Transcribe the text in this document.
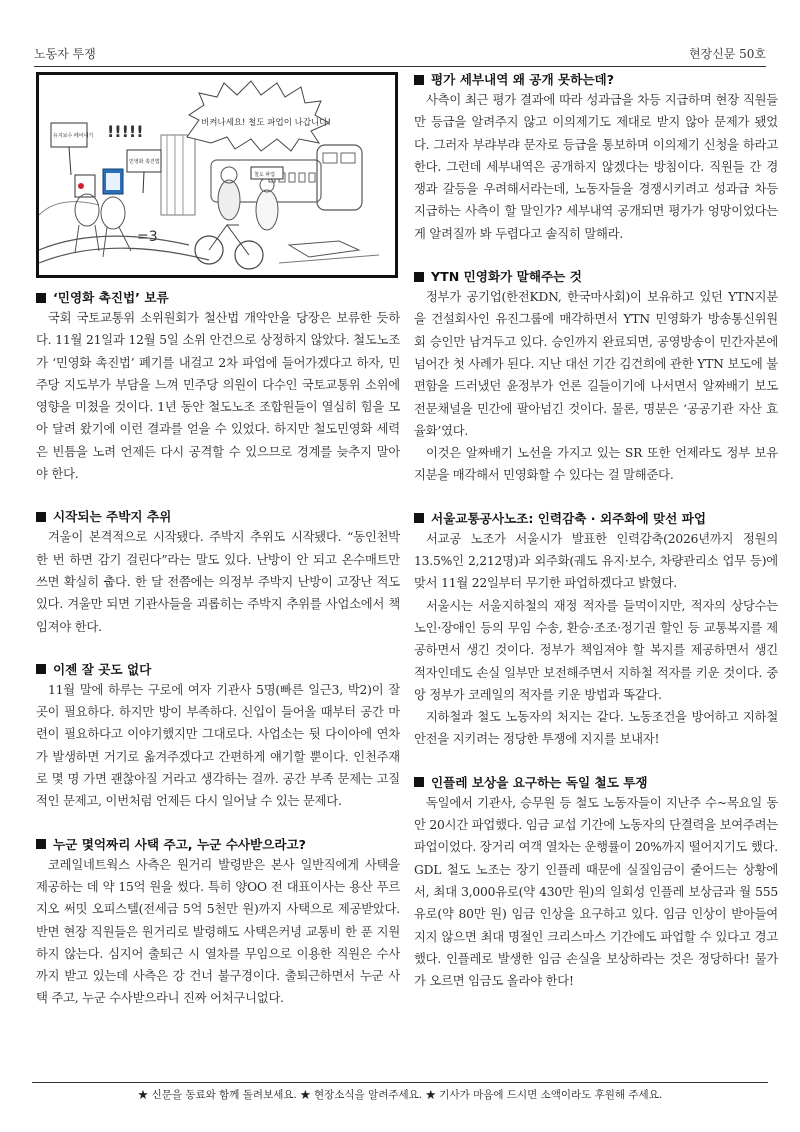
노동자 투쟁	현장신문 50호
비켜나세요! 철도 파업이 나갑니다!
!!!!!
유지보수 떼어내기
민영화 촉진법
=3
철도 파업
‘민영화 촉진법’ 보류

국회 국토교통위 소위원회가 철산법 개악안을 당장은 보류한 듯하다. 11월 21일과 12월 5일 소위 안건으로 상정하지 않았다. 철도노조가 ‘민영화 촉진법’ 폐기를 내걸고 2차 파업에 들어가겠다고 하자, 민주당 지도부가 부담을 느껴 민주당 의원이 다수인 국토교통위 소위에 영향을 미쳤을 것이다. 1년 동안 철도노조 조합원들이 열심히 힘을 모아 달려 왔기에 이런 결과를 얻을 수 있었다. 하지만 철도민영화 세력은 빈틈을 노려 언제든 다시 공격할 수 있으므로 경계를 늦추지 말아야 한다.

시작되는 주박지 추위

겨울이 본격적으로 시작됐다. 주박지 추위도 시작됐다. “동인천박 한 번 하면 감기 걸린다”라는 말도 있다. 난방이 안 되고 온수매트만 쓰면 확실히 춥다. 한 달 전쯤에는 의정부 주박지 난방이 고장난 적도 있다. 겨울만 되면 기관사들을 괴롭히는 주박지 추위를 사업소에서 책임져야 한다.

이젠 잘 곳도 없다

11월 말에 하루는 구로에 여자 기관사 5명(빠른 일근3, 박2)이 잘 곳이 필요하다. 하지만 방이 부족하다. 신입이 들어올 때부터 공간 마련이 필요하다고 이야기했지만 그대로다. 사업소는 뒷 다이아에 연차가 발생하면 거기로 옮겨주겠다고 간편하게 얘기할 뿐이다. 인천주재로 몇 명 가면 괜찮아질 거라고 생각하는 걸까. 공간 부족 문제는 고질적인 문제고, 이번처럼 언제든 다시 일어날 수 있는 문제다.

누군 몇억짜리 사택 주고, 누군 수사받으라고?

코레일네트웍스 사측은 원거리 발령받은 본사 일반직에게 사택을 제공하는 데 약 15억 원을 썼다. 특히 양OO 전 대표이사는 용산 푸르지오 써밋 오피스텔(전세금 5억 5천만 원)까지 사택으로 제공받았다. 반면 현장 직원들은 원거리로 발령해도 사택은커녕 교통비 한 푼 지원하지 않는다. 심지어 출퇴근 시 열차를 무임으로 이용한 직원은 수사까지 받고 있는데 사측은 강 건너 불구경이다. 출퇴근하면서 누군 사택 주고, 누군 수사받으라니 진짜 어처구니없다.

평가 세부내역 왜 공개 못하는데?

사측이 최근 평가 결과에 따라 성과급을 차등 지급하며 현장 직원들만 등급을 알려주지 않고 이의제기도 제대로 받지 않아 문제가 됐었다. 그러자 부랴부랴 문자로 등급을 통보하며 이의제기 신청을 하라고 한다. 그런데 세부내역은 공개하지 않겠다는 방침이다. 직원들 간 경쟁과 갈등을 우려해서라는데, 노동자들을 경쟁시키려고 성과급 차등 지급하는 사측이 할 말인가? 세부내역 공개되면 평가가 엉망이었다는 게 알려질까 봐 두렵다고 솔직히 말해라.

YTN 민영화가 말해주는 것

정부가 공기업(한전KDN, 한국마사회)이 보유하고 있던 YTN지분을 건설회사인 유진그룹에 매각하면서 YTN 민영화가 방송통신위원회 승인만 남겨두고 있다. 승인까지 완료되면, 공영방송이 민간자본에 넘어간 첫 사례가 된다. 지난 대선 기간 김건희에 관한 YTN 보도에 불편함을 드러냈던 윤정부가 언론 길들이기에 나서면서 알짜배기 보도전문채널을 민간에 팔아넘긴 것이다. 물론, 명분은 ‘공공기관 자산 효율화’였다.

이것은 알짜배기 노선을 가지고 있는 SR 또한 언제라도 정부 보유 지분을 매각해서 민영화할 수 있다는 걸 말해준다.

서울교통공사노조: 인력감축 · 외주화에 맞선 파업

서교공 노조가 서울시가 발표한 인력감축(2026년까지 정원의 13.5%인 2,212명)과 외주화(궤도 유지·보수, 차량관리소 업무 등)에 맞서 11월 22일부터 무기한 파업하겠다고 밝혔다.

서울시는 서울지하철의 재정 적자를 들먹이지만, 적자의 상당수는 노인·장애인 등의 무임 수송, 환승·조조·정기권 할인 등 교통복지를 제공하면서 생긴 것이다. 정부가 책임져야 할 복지를 제공하면서 생긴 적자인데도 손실 일부만 보전해주면서 지하철 적자를 키운 것이다. 중앙 정부가 코레일의 적자를 키운 방법과 똑같다.

지하철과 철도 노동자의 처지는 같다. 노동조건을 방어하고 지하철 안전을 지키려는 정당한 투쟁에 지지를 보내자!

인플레 보상을 요구하는 독일 철도 투쟁

독일에서 기관사, 승무원 등 철도 노동자들이 지난주 수~목요일 동안 20시간 파업했다. 임금 교섭 기간에 노동자의 단결력을 보여주려는 파업이었다. 장거리 여객 열차는 운행률이 20%까지 떨어지기도 했다. GDL 철도 노조는 장기 인플레 때문에 실질임금이 줄어드는 상황에서, 최대 3,000유로(약 430만 원)의 일회성 인플레 보상금과 월 555유로(약 80만 원) 임금 인상을 요구하고 있다. 임금 인상이 받아들여지지 않으면 최대 명절인 크리스마스 기간에도 파업할 수 있다고 경고했다. 인플레로 발생한 임금 손실을 보상하라는 것은 정당하다! 물가가 오르면 임금도 올라야 한다!

★ 신문을 동료와 함께 돌려보세요. ★ 현장소식을 알려주세요. ★ 기사가 마음에 드시면 소액이라도 후원해 주세요.
